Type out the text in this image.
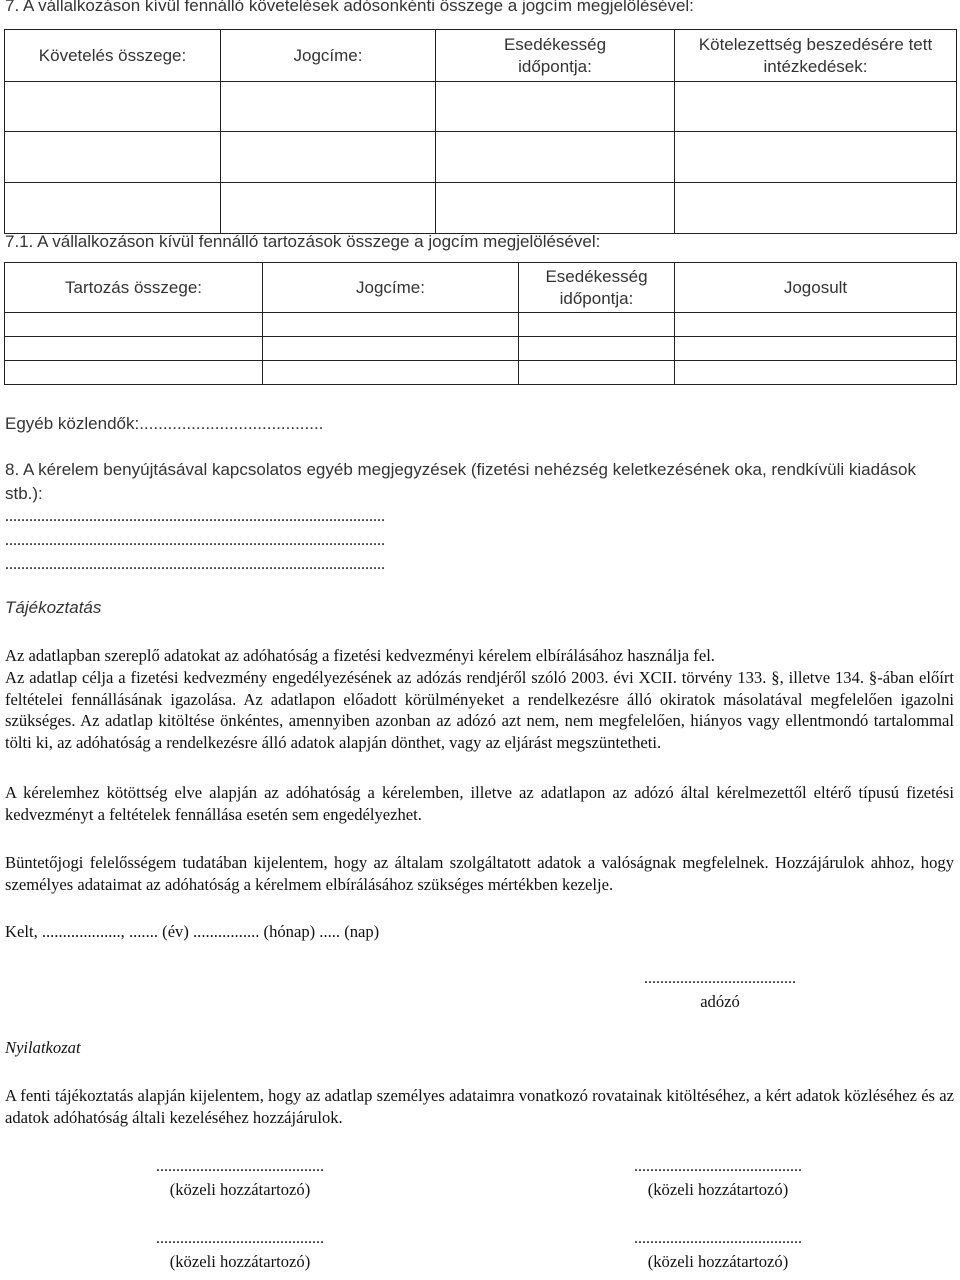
7. A vállalkozáson kívül fennálló követelések adósonkénti összege a jogcím megjelölésével:
Követelés összege:	Jogcíme:	Esedékesség időpontja:	Kötelezettség beszedésére tett intézkedések:

7.1. A vállalkozáson kívül fennálló tartozások összege a jogcím megjelölésével:
Tartozás összege:	Jogcíme:	Esedékesség időpontja:	Jogosult

Egyéb közlendők:.......................................
8. A kérelem benyújtásával kapcsolatos egyéb megjegyzések (fizetési nehézség keletkezésének oka, rendkívüli kiadások stb.):
...............................................................................................
...............................................................................................
...............................................................................................
Tájékoztatás
Az adatlapban szereplő adatokat az adóhatóság a fizetési kedvezményi kérelem elbírálásához használja fel.
Az adatlap célja a fizetési kedvezmény engedélyezésének az adózás rendjéről szóló 2003. évi XCII. törvény 133. §, illetve 134. §-ában előírt feltételei fennállásának igazolása. Az adatlapon előadott körülményeket a rendelkezésre álló okiratok másolatával megfelelően igazolni szükséges. Az adatlap kitöltése önkéntes, amennyiben azonban az adózó azt nem, nem megfelelően, hiányos vagy ellentmondó tartalommal tölti ki, az adóhatóság a rendelkezésre álló adatok alapján dönthet, vagy az eljárást megszüntetheti.
A kérelemhez kötöttség elve alapján az adóhatóság a kérelemben, illetve az adatlapon az adózó által kérelmezettől eltérő típusú fizetési kedvezményt a feltételek fennállása esetén sem engedélyezhet.
Büntetőjogi felelősségem tudatában kijelentem, hogy az általam szolgáltatott adatok a valóságnak megfelelnek. Hozzájárulok ahhoz, hogy személyes adataimat az adóhatóság a kérelmem elbírálásához szükséges mértékben kezelje.
Kelt, ..................., ....... (év) ................ (hónap) ..... (nap)
......................................
adózó
Nyilatkozat
A fenti tájékoztatás alapján kijelentem, hogy az adatlap személyes adataimra vonatkozó rovatainak kitöltéséhez, a kért adatok közléséhez és az adatok adóhatóság általi kezeléséhez hozzájárulok.
..........................................
(közeli hozzátartozó)
..........................................
(közeli hozzátartozó)
..........................................
(közeli hozzátartozó)
..........................................
(közeli hozzátartozó)
